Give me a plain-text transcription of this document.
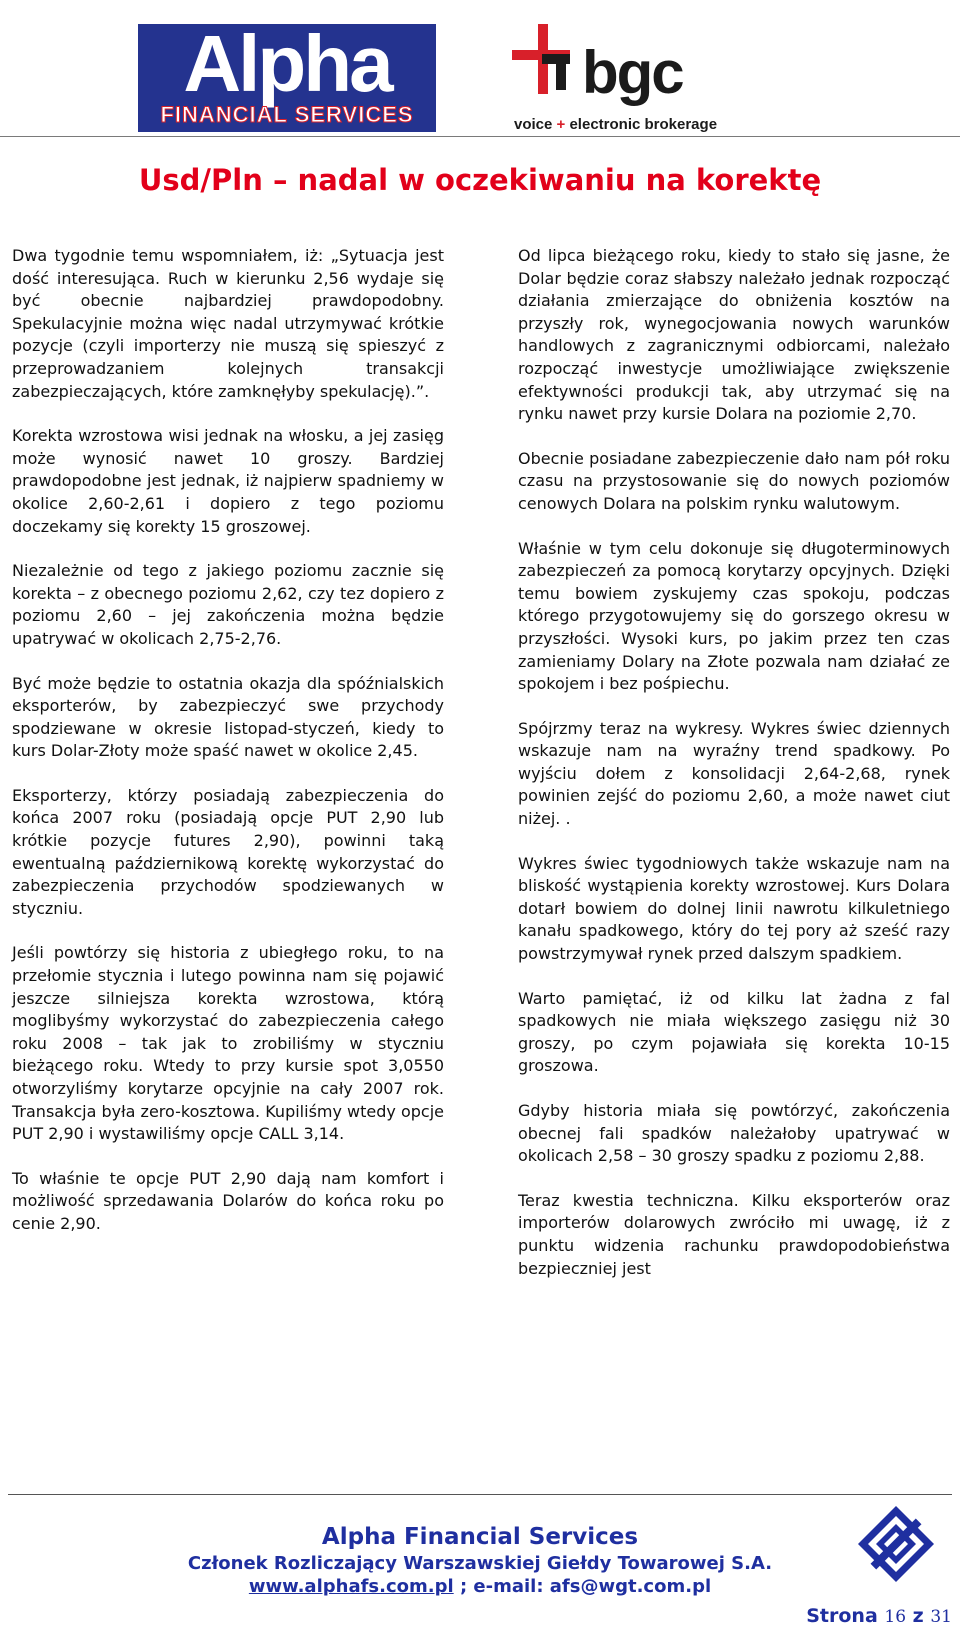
Alpha
FINANCIAL SERVICES
bgc
voice + electronic brokerage
Usd/Pln – nadal w oczekiwaniu na korektę

Dwa tygodnie temu wspomniałem, iż: „Sytuacja jest dość interesująca. Ruch w kierunku 2,56 wydaje się być obecnie najbardziej prawdopodobny. Spekulacyjnie można więc nadal utrzymywać krótkie pozycje (czyli importerzy nie muszą się spieszyć z przeprowadzaniem kolejnych transakcji zabezpieczających, które zamknęłyby spekulację).”.

Korekta wzrostowa wisi jednak na włosku, a jej zasięg może wynosić nawet 10 groszy. Bardziej prawdopodobne jest jednak, iż najpierw spadniemy w okolice 2,60-2,61 i dopiero z tego poziomu doczekamy się korekty 15 groszowej.

Niezależnie od tego z jakiego poziomu zacznie się korekta – z obecnego poziomu 2,62, czy tez dopiero z poziomu 2,60 – jej zakończenia można będzie upatrywać w okolicach 2,75-2,76.

Być może będzie to ostatnia okazja dla spóźnialskich eksporterów, by zabezpieczyć swe przychody spodziewane w okresie listopad-styczeń, kiedy to kurs Dolar-Złoty może spaść nawet w okolice 2,45.

Eksporterzy, którzy posiadają zabezpieczenia do końca 2007 roku (posiadają opcje PUT 2,90 lub krótkie pozycje futures 2,90), powinni taką ewentualną październikową korektę wykorzystać do zabezpieczenia przychodów spodziewanych w styczniu.

Jeśli powtórzy się historia z ubiegłego roku, to na przełomie stycznia i lutego powinna nam się pojawić jeszcze silniejsza korekta wzrostowa, którą moglibyśmy wykorzystać do zabezpieczenia całego roku 2008 – tak jak to zrobiliśmy w styczniu bieżącego roku. Wtedy to przy kursie spot 3,0550 otworzyliśmy korytarze opcyjnie na cały 2007 rok. Transakcja była zero-kosztowa. Kupiliśmy wtedy opcje PUT 2,90 i wystawiliśmy opcje CALL 3,14.

To właśnie te opcje PUT 2,90 dają nam komfort i możliwość sprzedawania Dolarów do końca roku po cenie 2,90.

Od lipca bieżącego roku, kiedy to stało się jasne, że Dolar będzie coraz słabszy należało jednak rozpocząć działania zmierzające do obniżenia kosztów na przyszły rok, wynegocjowania nowych warunków handlowych z zagranicznymi odbiorcami, należało rozpocząć inwestycje umożliwiające zwiększenie efektywności produkcji tak, aby utrzymać się na rynku nawet przy kursie Dolara na poziomie 2,70.

Obecnie posiadane zabezpieczenie dało nam pół roku czasu na przystosowanie się do nowych poziomów cenowych Dolara na polskim rynku walutowym.

Właśnie w tym celu dokonuje się długoterminowych zabezpieczeń za pomocą korytarzy opcyjnych. Dzięki temu bowiem zyskujemy czas spokoju, podczas którego przygotowujemy się do gorszego okresu w przyszłości. Wysoki kurs, po jakim przez ten czas zamieniamy Dolary na Złote pozwala nam działać ze spokojem i bez pośpiechu.

Spójrzmy teraz na wykresy. Wykres świec dziennych wskazuje nam na wyraźny trend spadkowy. Po wyjściu dołem z konsolidacji 2,64-2,68, rynek powinien zejść do poziomu 2,60, a może nawet ciut niżej. .

Wykres świec tygodniowych także wskazuje nam na bliskość wystąpienia korekty wzrostowej. Kurs Dolara dotarł bowiem do dolnej linii nawrotu kilkuletniego kanału spadkowego, który do tej pory aż sześć razy powstrzymywał rynek przed dalszym spadkiem.

Warto pamiętać, iż od kilku lat żadna z fal spadkowych nie miała większego zasięgu niż 30 groszy, po czym pojawiała się korekta 10-15 groszowa.

Gdyby historia miała się powtórzyć, zakończenia obecnej fali spadków należałoby upatrywać w okolicach 2,58 – 30 groszy spadku z poziomu 2,88.

Teraz kwestia techniczna. Kilku eksporterów oraz importerów dolarowych zwróciło mi uwagę, iż z punktu widzenia rachunku prawdopodobieństwa bezpieczniej jest

Alpha Financial Services
Członek Rozliczający Warszawskiej Giełdy Towarowej S.A.
www.alphafs.com.pl ; e-mail: afs@wgt.com.pl
Strona 16 z 31
